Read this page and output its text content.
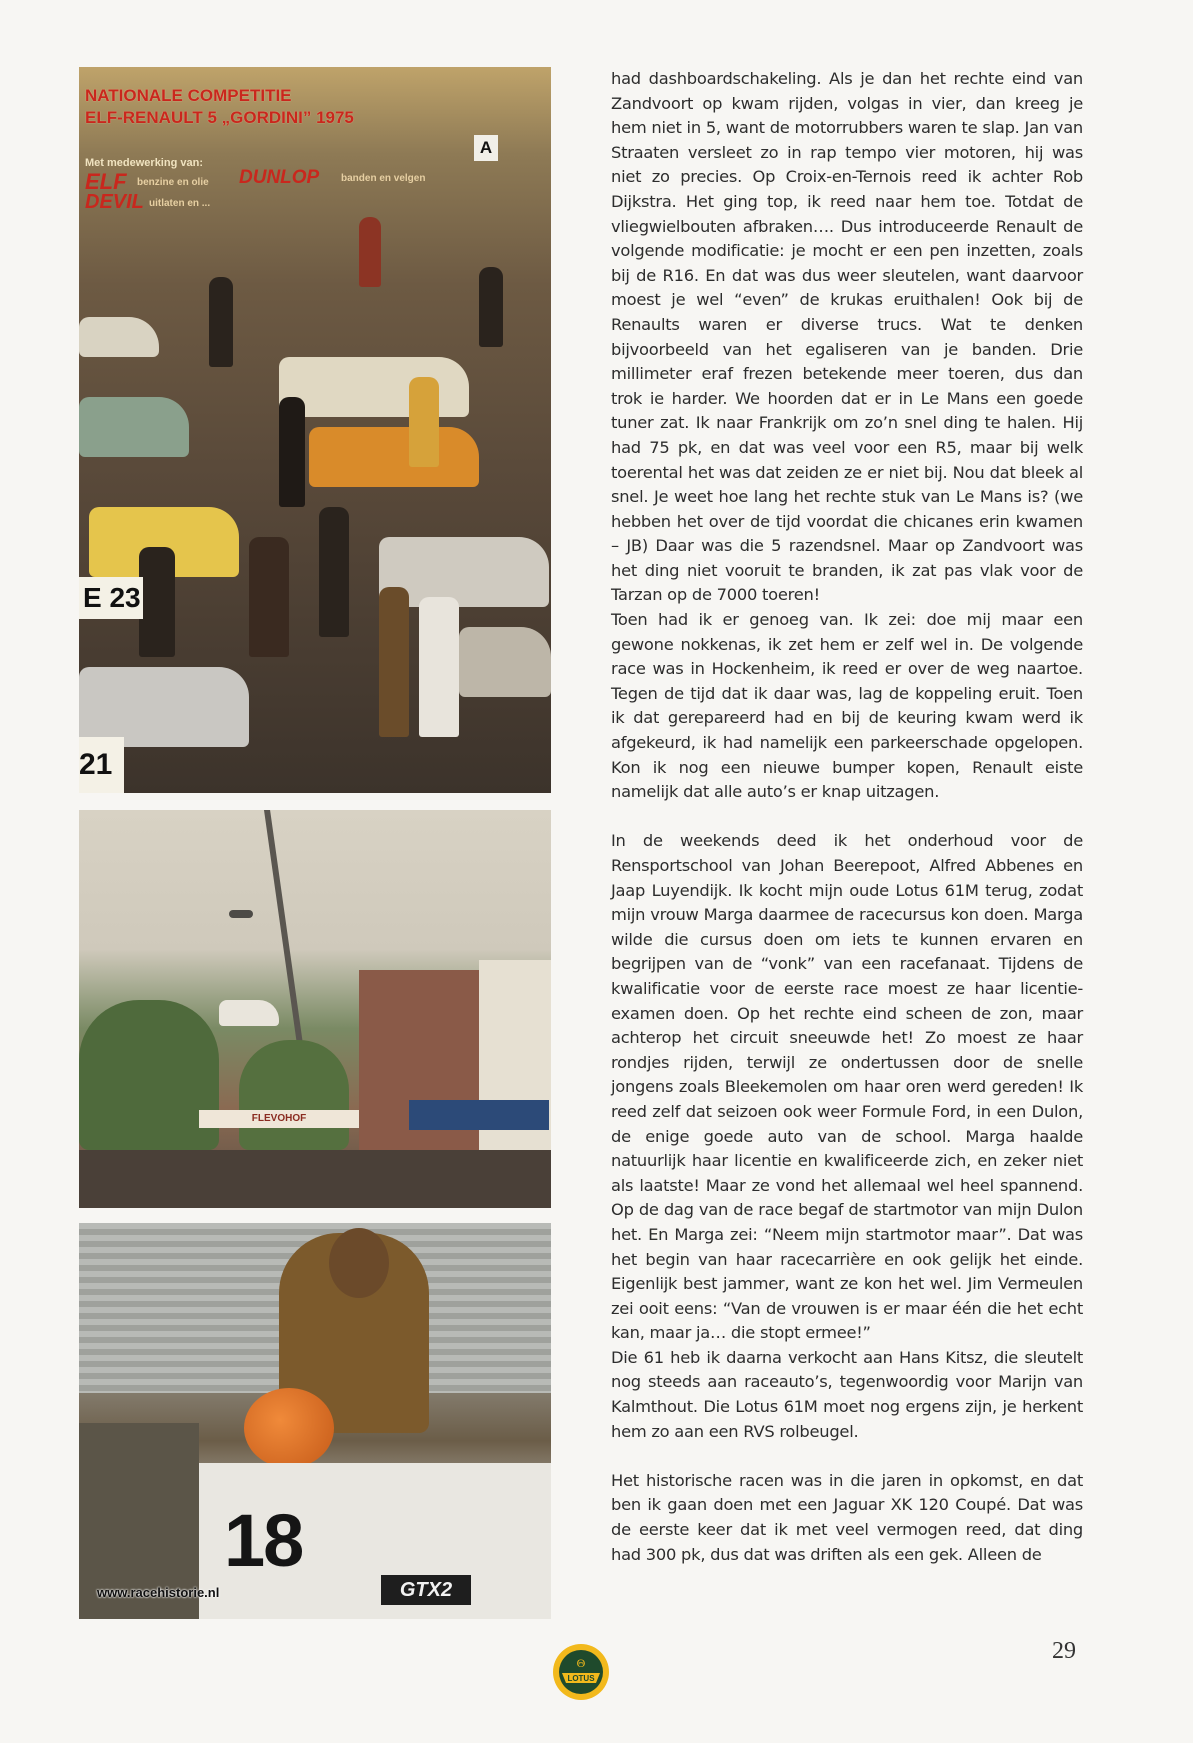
NATIONALE COMPETITIE
ELF-RENAULT 5 „GORDINI” 1975
Met medewerking van:
ELF benzine en olie DUNLOP banden en velgen
DEVIL uitlaten en ...
A
E 23
21
FLEVOHOF
18
GTX2
www.racehistorie.nl

had dashboardschakeling. Als je dan het rechte eind van Zandvoort op kwam rijden, volgas in vier, dan kreeg je hem niet in 5, want de motorrubbers waren te slap. Jan van Straaten versleet zo in rap tempo vier motoren, hij was niet zo precies. Op Croix-en-Ternois reed ik achter Rob Dijkstra. Het ging top, ik reed naar hem toe. Totdat de vliegwielbouten afbraken…. Dus introduceerde Renault de volgende modificatie: je mocht er een pen inzetten, zoals bij de R16. En dat was dus weer sleutelen, want daarvoor moest je wel “even” de krukas eruithalen! Ook bij de Renaults waren er diverse trucs. Wat te denken bijvoorbeeld van het egaliseren van je banden. Drie millimeter eraf frezen betekende meer toeren, dus dan trok ie harder. We hoorden dat er in Le Mans een goede tuner zat. Ik naar Frankrijk om zo’n snel ding te halen. Hij had 75 pk, en dat was veel voor een R5, maar bij welk toerental het was dat zeiden ze er niet bij. Nou dat bleek al snel. Je weet hoe lang het rechte stuk van Le Mans is? (we hebben het over de tijd voordat die chicanes erin kwamen – JB) Daar was die 5 razendsnel. Maar op Zandvoort was het ding niet vooruit te branden, ik zat pas vlak voor de Tarzan op de 7000 toeren!

Toen had ik er genoeg van. Ik zei: doe mij maar een gewone nokkenas, ik zet hem er zelf wel in. De volgende race was in Hockenheim, ik reed er over de weg naartoe. Tegen de tijd dat ik daar was, lag de koppeling eruit. Toen ik dat gerepareerd had en bij de keuring kwam werd ik afgekeurd, ik had namelijk een parkeerschade opgelopen. Kon ik nog een nieuwe bumper kopen, Renault eiste namelijk dat alle auto’s er knap uitzagen.

In de weekends deed ik het onderhoud voor de Rensportschool van Johan Beerepoot, Alfred Abbenes en Jaap Luyendijk. Ik kocht mijn oude Lotus 61M terug, zodat mijn vrouw Marga daarmee de racecursus kon doen. Marga wilde die cursus doen om iets te kunnen ervaren en begrijpen van de “vonk” van een racefanaat. Tijdens de kwalificatie voor de eerste race moest ze haar licentie-examen doen. Op het rechte eind scheen de zon, maar achterop het circuit sneeuwde het! Zo moest ze haar rondjes rijden, terwijl ze ondertussen door de snelle jongens zoals Bleekemolen om haar oren werd gereden! Ik reed zelf dat seizoen ook weer Formule Ford, in een Dulon, de enige goede auto van de school. Marga haalde natuurlijk haar licentie en kwalificeerde zich, en zeker niet als laatste! Maar ze vond het allemaal wel heel spannend. Op de dag van de race begaf de startmotor van mijn Dulon het. En Marga zei: “Neem mijn startmotor maar”. Dat was het begin van haar racecarrière en ook gelijk het einde. Eigenlijk best jammer, want ze kon het wel. Jim Vermeulen zei ooit eens: “Van de vrouwen is er maar één die het echt kan, maar ja… die stopt ermee!”

Die 61 heb ik daarna verkocht aan Hans Kitsz, die sleutelt nog steeds aan raceauto’s, tegenwoordig voor Marijn van Kalmthout. Die Lotus 61M moet nog ergens zijn, je herkent hem zo aan een RVS rolbeugel.

Het historische racen was in die jaren in opkomst, en dat ben ik gaan doen met een Jaguar XK 120 Coupé. Dat was de eerste keer dat ik met veel vermogen reed, dat ding had 300 pk, dus dat was driften als een gek. Alleen de

LOTUS
Θ	29
